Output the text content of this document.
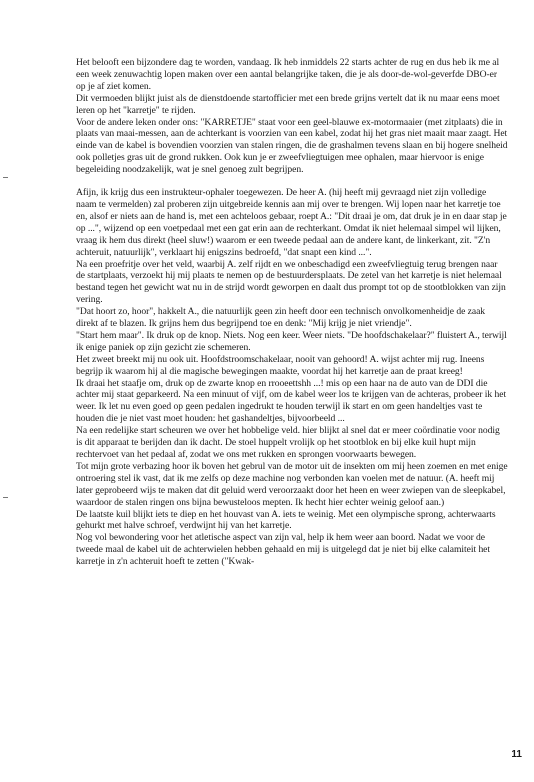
Het belooft een bijzondere dag te worden, vandaag. Ik heb inmiddels 22 starts achter de rug en dus heb ik me al een week zenuwachtig lopen maken over een aantal belangrijke taken, die je als door-de-wol-geverfde DBO-er op je af ziet komen.

Dit vermoeden blijkt juist als de dienstdoende startofficier met een brede grijns vertelt dat ik nu maar eens moet leren op het "karretje" te rijden.

Voor de andere leken onder ons: "KARRETJE" staat voor een geel-blauwe ex-motormaaier (met zitplaats) die in plaats van maai-messen, aan de achterkant is voorzien van een kabel, zodat hij het gras niet maait maar zaagt. Het einde van de kabel is bovendien voorzien van stalen ringen, die de grashalmen tevens slaan en bij hogere snelheid ook polletjes gras uit de grond rukken. Ook kun je er zweefvliegtuigen mee ophalen, maar hiervoor is enige begeleiding noodzakelijk, wat je snel genoeg zult begrijpen.

Afijn, ik krijg dus een instrukteur-ophaler toegewezen. De heer A. (hij heeft mij gevraagd niet zijn volledige naam te vermelden) zal proberen zijn uitgebreide kennis aan mij over te brengen. Wij lopen naar het karretje toe en, alsof er niets aan de hand is, met een achteloos gebaar, roept A.: "Dit draai je om, dat druk je in en daar stap je op ...", wijzend op een voetpedaal met een gat erin aan de rechterkant. Omdat ik niet helemaal simpel wil lijken, vraag ik hem dus direkt (heel sluw!) waarom er een tweede pedaal aan de andere kant, de linkerkant, zit. "Z'n achteruit, natuurlijk", verklaart hij enigszins bedroefd, "dat snapt een kind ...".

Na een proefritje over het veld, waarbij A. zelf rijdt en we onbeschadigd een zweefvliegtuig terug brengen naar de startplaats, verzoekt hij mij plaats te nemen op de bestuurdersplaats. De zetel van het karretje is niet helemaal bestand tegen het gewicht wat nu in de strijd wordt geworpen en daalt dus prompt tot op de stootblokken van zijn vering.

"Dat hoort zo, hoor", hakkelt A., die natuurlijk geen zin heeft door een technisch onvolkomenheidje de zaak direkt af te blazen. Ik grijns hem dus begrijpend toe en denk: "Mij krijg je niet vriendje".

"Start hem maar". Ik druk op de knop. Niets. Nog een keer. Weer niets. "De hoofdschakelaar?" fluistert A., terwijl ik enige paniek op zijn gezicht zie schemeren.

Het zweet breekt mij nu ook uit. Hoofdstroomschakelaar, nooit van gehoord! A. wijst achter mij rug. Ineens begrijp ik waarom hij al die magische bewegingen maakte, voordat hij het karretje aan de praat kreeg!

Ik draai het staafje om, druk op de zwarte knop en rrooeettshh ...! mis op een haar na de auto van de DDI die achter mij staat geparkeerd. Na een minuut of vijf, om de kabel weer los te krijgen van de achteras, probeer ik het weer. Ik let nu even goed op geen pedalen ingedrukt te houden terwijl ik start en om geen handeltjes vast te houden die je niet vast moet houden: het gashandeltjes, bijvoorbeeld ...

Na een redelijke start scheuren we over het hobbelige veld. hier blijkt al snel dat er meer coördinatie voor nodig is dit apparaat te berijden dan ik dacht. De stoel huppelt vrolijk op het stootblok en bij elke kuil hupt mijn rechtervoet van het pedaal af, zodat we ons met rukken en sprongen voorwaarts bewegen.

Tot mijn grote verbazing hoor ik boven het gebrul van de motor uit de insekten om mij heen zoemen en met enige ontroering stel ik vast, dat ik me zelfs op deze machine nog verbonden kan voelen met de natuur. (A. heeft mij later geprobeerd wijs te maken dat dit geluid werd veroorzaakt door het heen en weer zwiepen van de sleepkabel, waardoor de stalen ringen ons bijna bewusteloos mepten. Ik hecht hier echter weinig geloof aan.)

De laatste kuil blijkt iets te diep en het houvast van A. iets te weinig. Met een olympische sprong, achterwaarts gehurkt met halve schroef, verdwijnt hij van het karretje.

Nog vol bewondering voor het atletische aspect van zijn val, help ik hem weer aan boord. Nadat we voor de tweede maal de kabel uit de achterwielen hebben gehaald en mij is uitgelegd dat je niet bij elke calamiteit het karretje in z'n achteruit hoeft te zetten ("Kwak-

11
